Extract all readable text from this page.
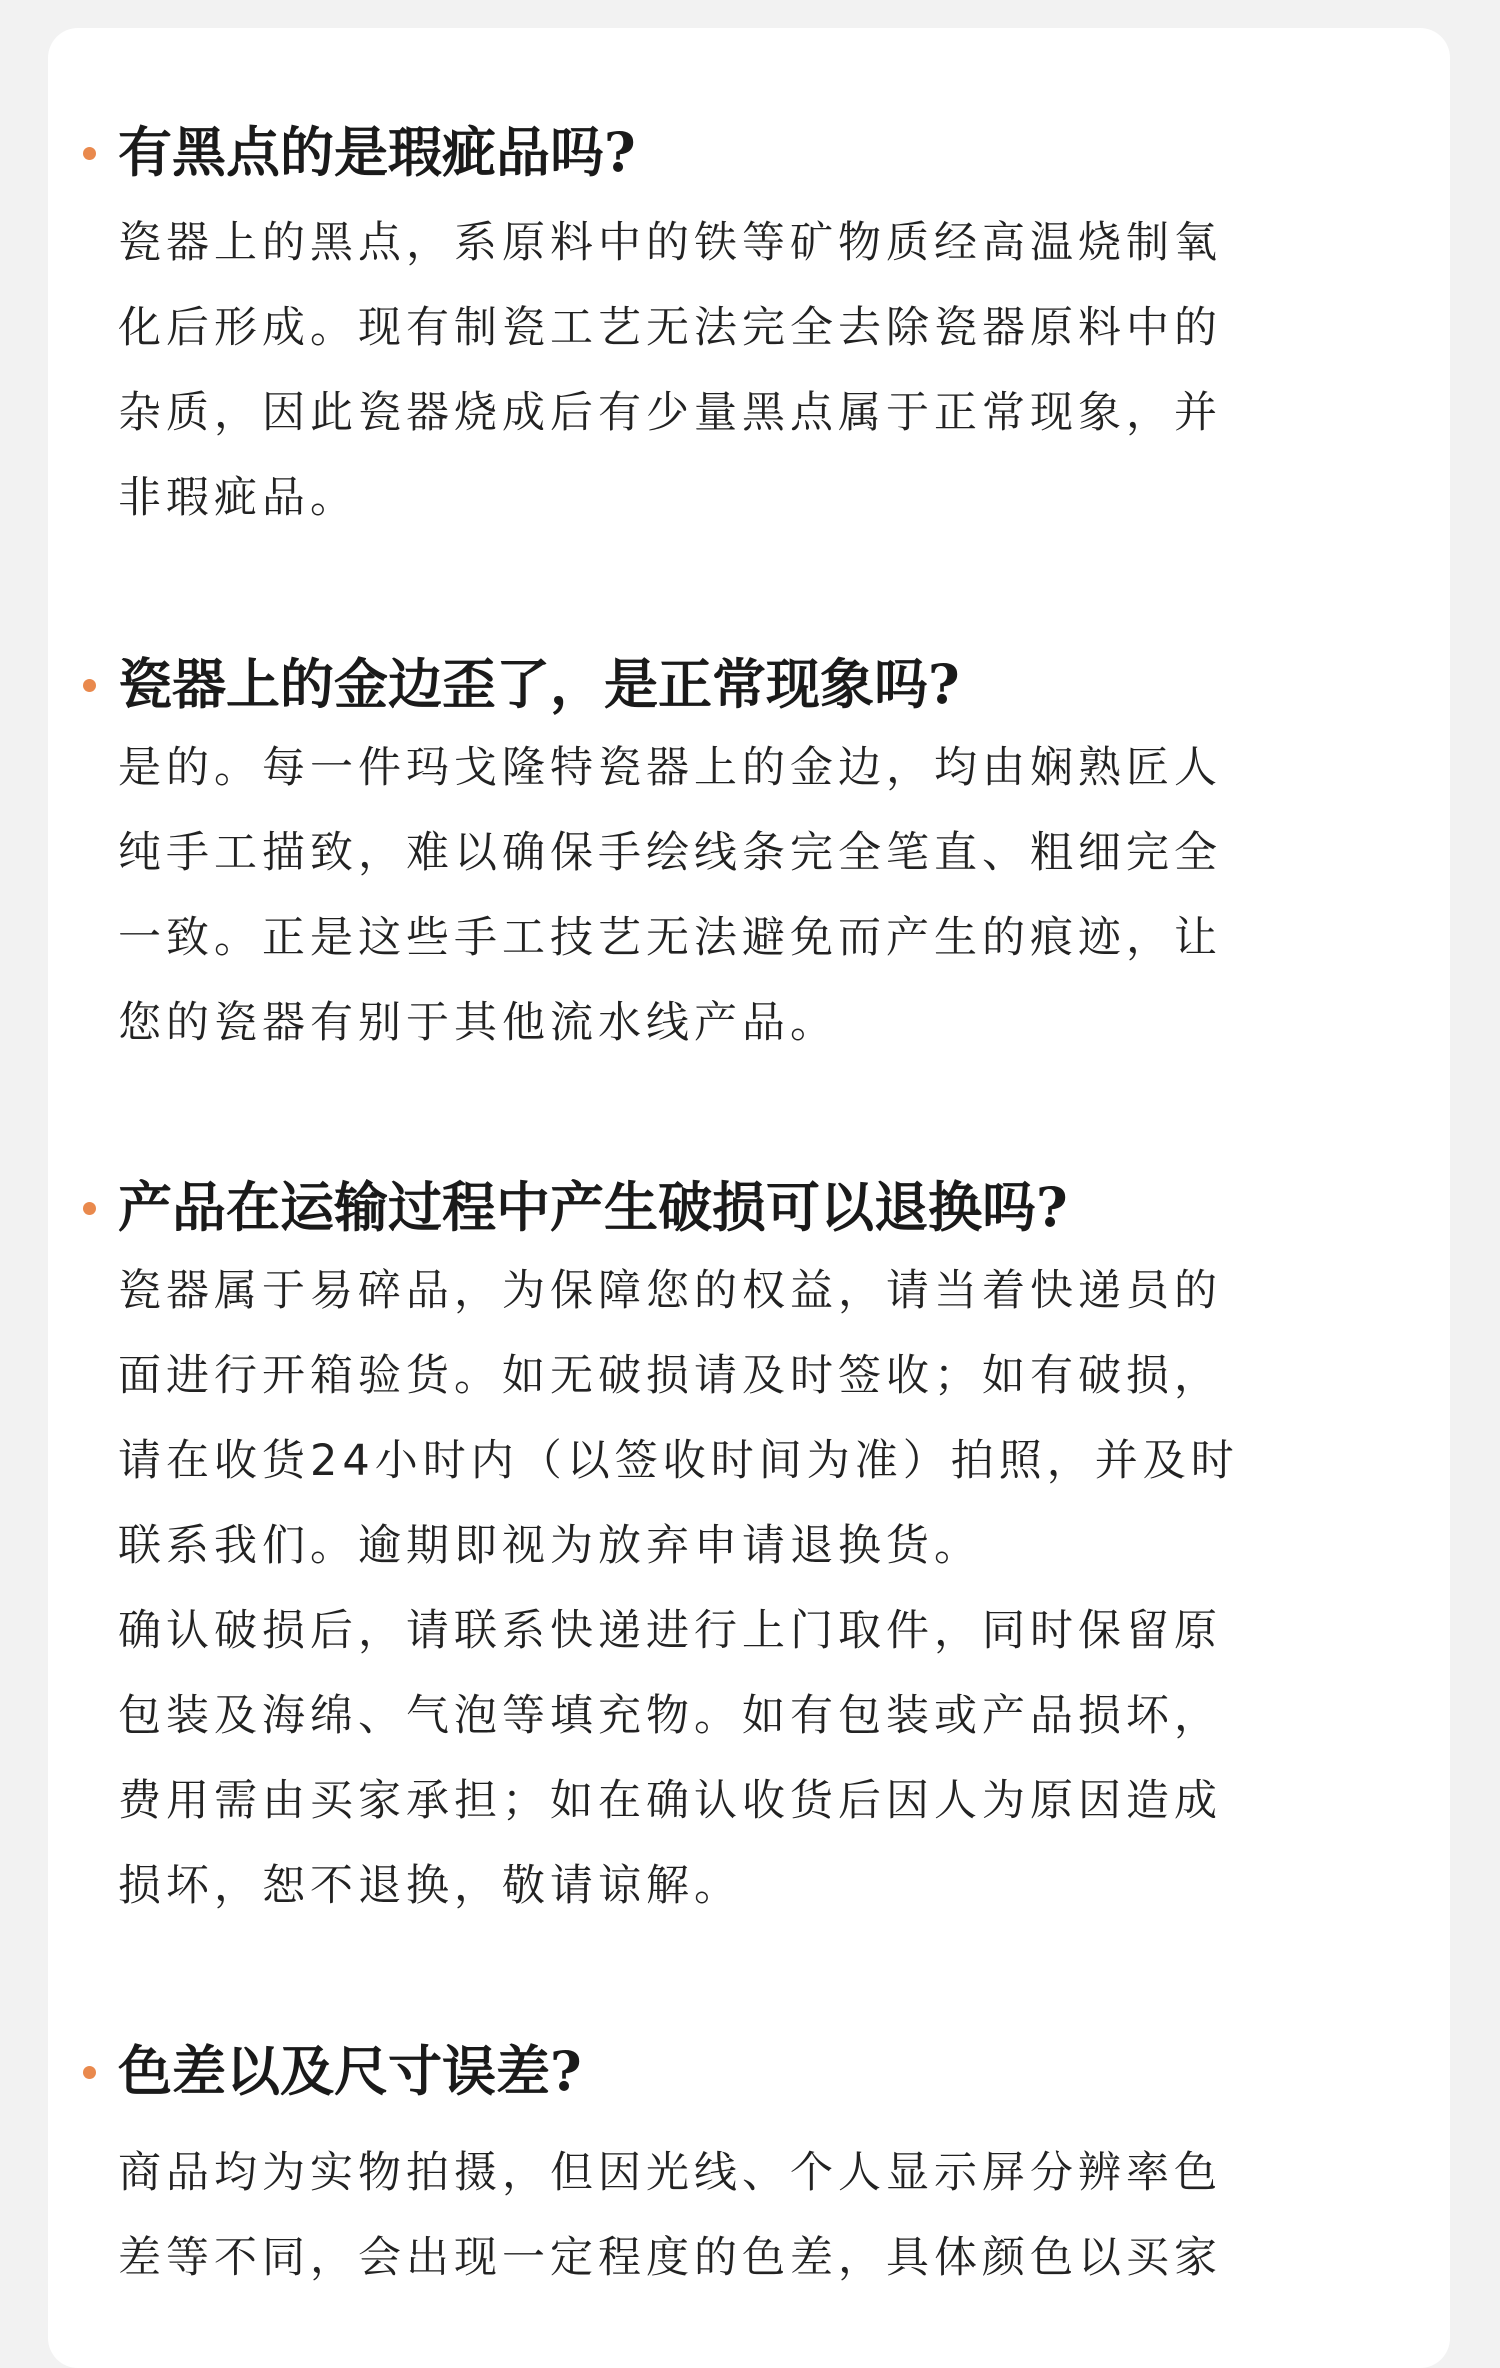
有黑点的是瑕疵品吗?
瓷器上的黑点，系原料中的铁等矿物质经高温烧制氧
化后形成。现有制瓷工艺无法完全去除瓷器原料中的
杂质，因此瓷器烧成后有少量黑点属于正常现象，并
非瑕疵品。
瓷器上的金边歪了，是正常现象吗?
是的。每一件玛戈隆特瓷器上的金边，均由娴熟匠人
纯手工描致，难以确保手绘线条完全笔直、粗细完全
一致。正是这些手工技艺无法避免而产生的痕迹，让
您的瓷器有别于其他流水线产品。
产品在运输过程中产生破损可以退换吗?
瓷器属于易碎品，为保障您的权益，请当着快递员的
面进行开箱验货。如无破损请及时签收；如有破损，
请在收货24小时内（以签收时间为准）拍照，并及时
联系我们。逾期即视为放弃申请退换货。
确认破损后，请联系快递进行上门取件，同时保留原
包装及海绵、气泡等填充物。如有包装或产品损坏，
费用需由买家承担；如在确认收货后因人为原因造成
损坏，恕不退换，敬请谅解。
色差以及尺寸误差?
商品均为实物拍摄，但因光线、个人显示屏分辨率色
差等不同，会出现一定程度的色差，具体颜色以买家
